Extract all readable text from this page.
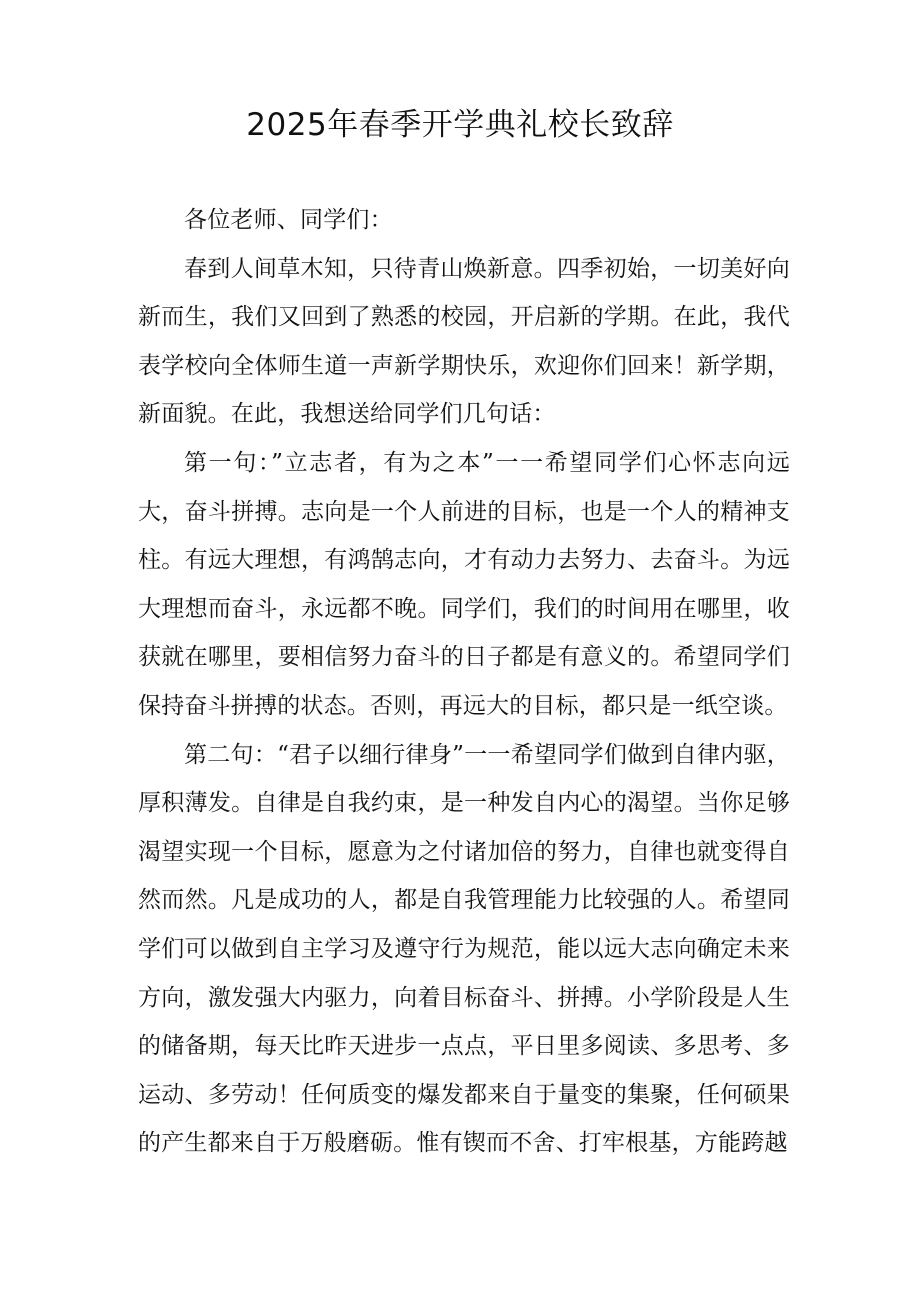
2025年春季开学典礼校长致辞

各位老师、同学们：

春到人间草木知，只待青山焕新意。四季初始，一切美好向新而生，我们又回到了熟悉的校园，开启新的学期。在此，我代表学校向全体师生道一声新学期快乐，欢迎你们回来！新学期，新面貌。在此，我想送给同学们几句话：

第一句：”立志者，有为之本”一一希望同学们心怀志向远大，奋斗拼搏。志向是一个人前进的目标，也是一个人的精神支柱。有远大理想，有鸿鹄志向，才有动力去努力、去奋斗。为远大理想而奋斗，永远都不晚。同学们，我们的时间用在哪里，收获就在哪里，要相信努力奋斗的日子都是有意义的。希望同学们保持奋斗拼搏的状态。否则，再远大的目标，都只是一纸空谈。

第二句：“君子以细行律身”一一希望同学们做到自律内驱，厚积薄发。自律是自我约束，是一种发自内心的渴望。当你足够渴望实现一个目标，愿意为之付诸加倍的努力，自律也就变得自然而然。凡是成功的人，都是自我管理能力比较强的人。希望同学们可以做到自主学习及遵守行为规范，能以远大志向确定未来方向，激发强大内驱力，向着目标奋斗、拼搏。小学阶段是人生的储备期，每天比昨天进步一点点，平日里多阅读、多思考、多运动、多劳动！任何质变的爆发都来自于量变的集聚，任何硕果的产生都来自于万般磨砺。惟有锲而不舍、打牢根基，方能跨越
